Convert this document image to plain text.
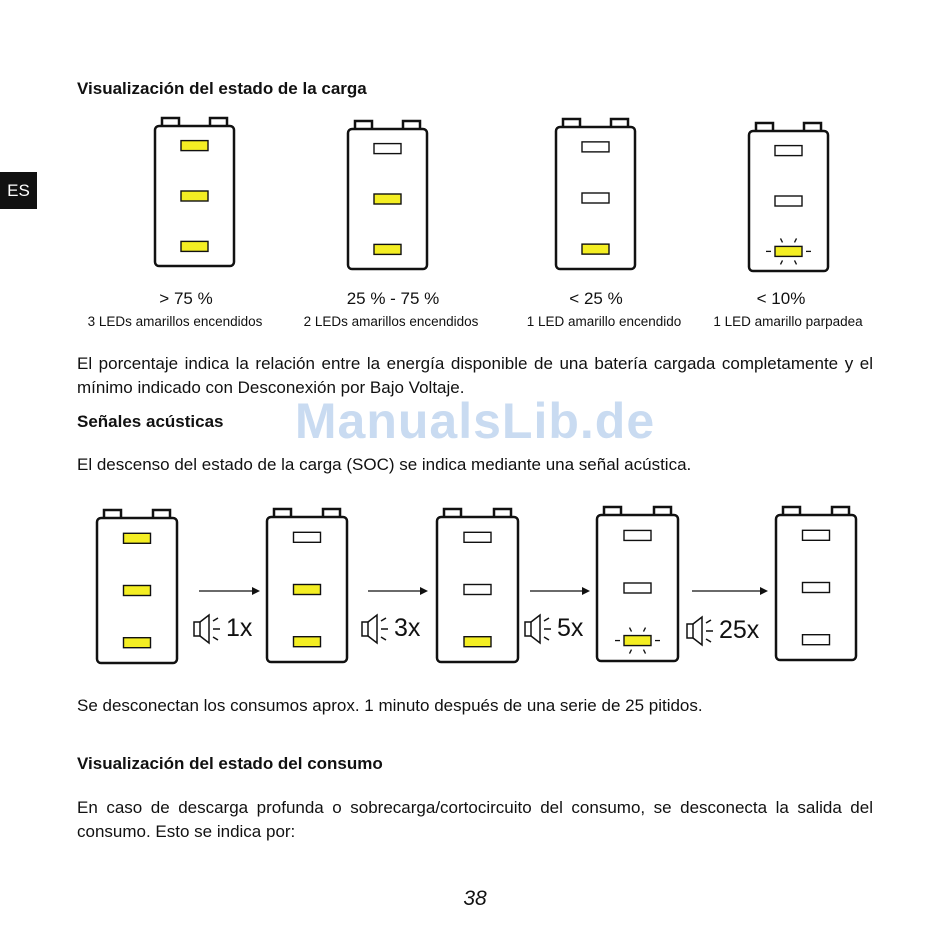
ES
Visualización del estado de la carga
> 75 %	25 % - 75 %	< 25 %	< 10%
3 LEDs amarillos encendidos	2 LEDs amarillos encendidos	1 LED amarillo encendido	1 LED amarillo parpadea
El porcentaje indica la relación entre la energía disponible de una batería cargada completamente y el mínimo indicado con Desconexión por Bajo Voltaje.
ManualsLib.de
Señales acústicas
El descenso del estado de la carga (SOC) se indica mediante una señal acústica.
1x	3x	5x	25x
Se desconectan los consumos aprox. 1 minuto después de una serie de 25 pitidos.
Visualización del estado del consumo
En caso de descarga profunda o sobrecarga/cortocircuito del consumo, se desconecta la salida del consumo. Esto se indica por:
38
